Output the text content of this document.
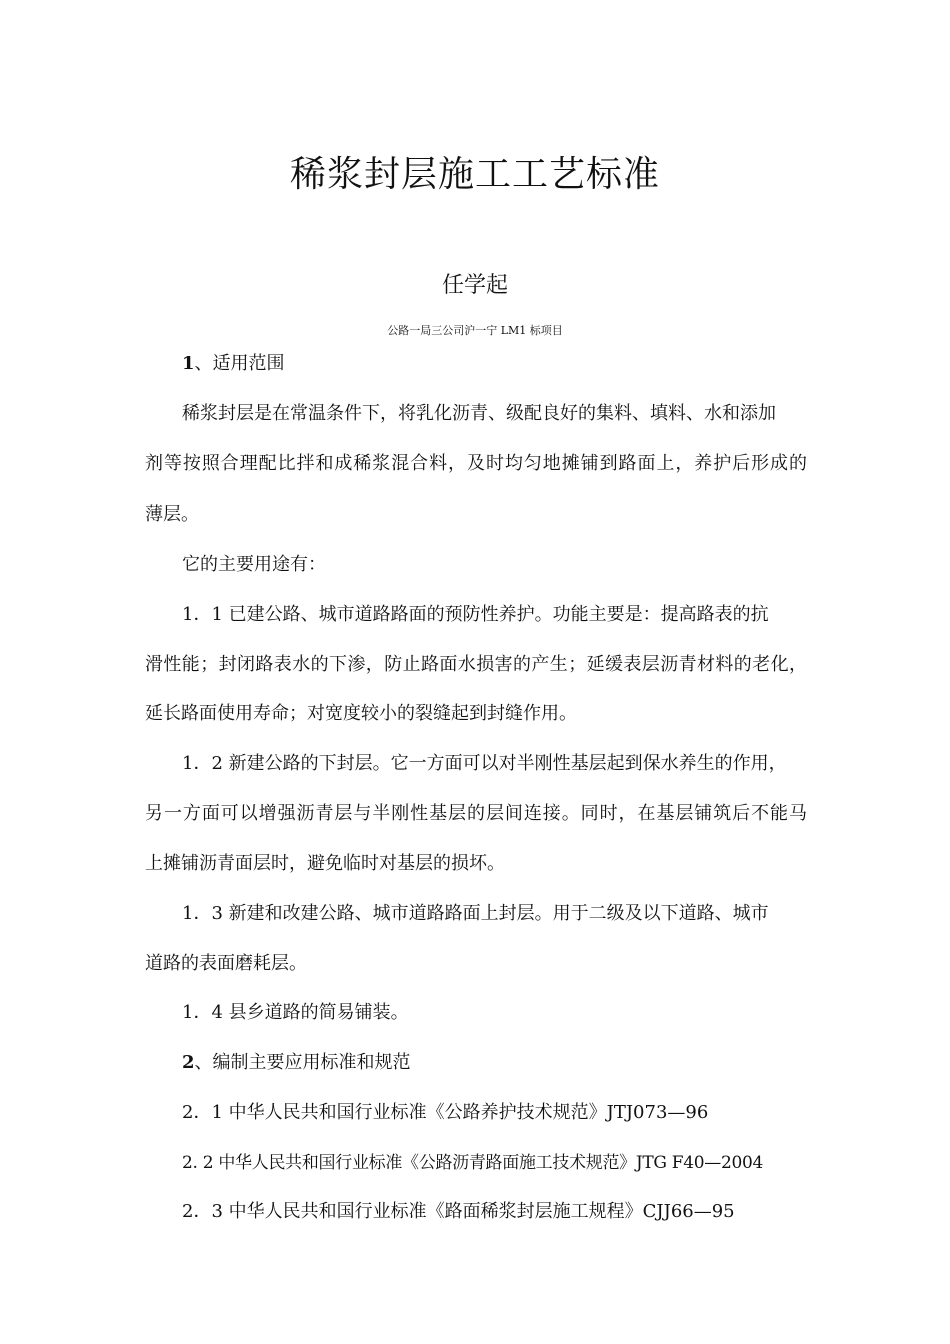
稀浆封层施工工艺标准
任学起
公路一局三公司沪一宁 LM1 标项目
1、适用范围
稀浆封层是在常温条件下，将乳化沥青、级配良好的集料、填料、水和添加
剂等按照合理配比拌和成稀浆混合料，及时均匀地摊铺到路面上，养护后形成的
薄层。
它的主要用途有：
1．1 已建公路、城市道路路面的预防性养护。功能主要是：提高路表的抗
滑性能；封闭路表水的下渗，防止路面水损害的产生；延缓表层沥青材料的老化，
延长路面使用寿命；对宽度较小的裂缝起到封缝作用。
1．2 新建公路的下封层。它一方面可以对半刚性基层起到保水养生的作用，
另一方面可以增强沥青层与半刚性基层的层间连接。同时，在基层铺筑后不能马
上摊铺沥青面层时，避免临时对基层的损坏。
1．3 新建和改建公路、城市道路路面上封层。用于二级及以下道路、城市
道路的表面磨耗层。
1．4 县乡道路的简易铺装。
2、编制主要应用标准和规范
2．1 中华人民共和国行业标准《公路养护技术规范》JTJ073—96
2. 2 中华人民共和国行业标准《公路沥青路面施工技术规范》JTG F40—2004
2．3 中华人民共和国行业标准《路面稀浆封层施工规程》CJJ66—95
